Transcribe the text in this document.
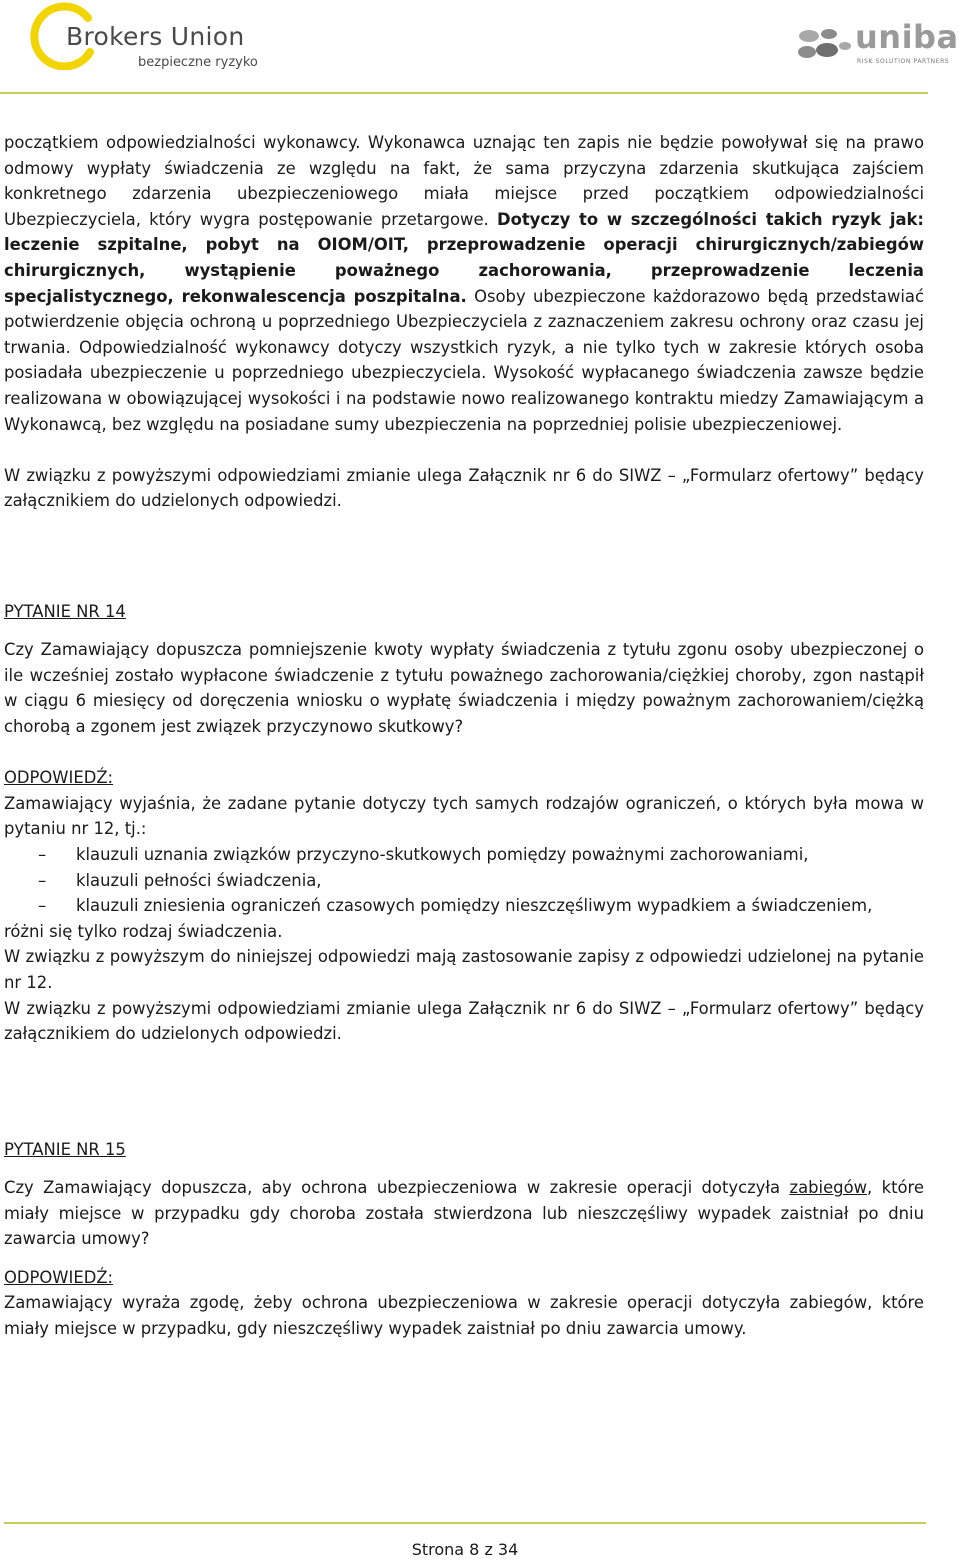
Brokers Union
bezpieczne ryzyko
uniba
RISK SOLUTION PARTNERS

początkiem odpowiedzialności wykonawcy. Wykonawca uznając ten zapis nie będzie powoływał się na prawo odmowy wypłaty świadczenia ze względu na fakt, że sama przyczyna zdarzenia skutkująca zajściem konkretnego zdarzenia ubezpieczeniowego miała miejsce przed początkiem odpowiedzialności Ubezpieczyciela, który wygra postępowanie przetargowe. Dotyczy to w szczególności takich ryzyk jak: leczenie szpitalne, pobyt na OIOM/OIT, przeprowadzenie operacji chirurgicznych/zabiegów chirurgicznych, wystąpienie poważnego zachorowania, przeprowadzenie leczenia specjalistycznego, rekonwalescencja poszpitalna. Osoby ubezpieczone każdorazowo będą przedstawiać potwierdzenie objęcia ochroną u poprzedniego Ubezpieczyciela z zaznaczeniem zakresu ochrony oraz czasu jej trwania. Odpowiedzialność wykonawcy dotyczy wszystkich ryzyk, a nie tylko tych w zakresie których osoba posiadała ubezpieczenie u poprzedniego ubezpieczyciela. Wysokość wypłacanego świadczenia zawsze będzie realizowana w obowiązującej wysokości i na podstawie nowo realizowanego kontraktu miedzy Zamawiającym a Wykonawcą, bez względu na posiadane sumy ubezpieczenia na poprzedniej polisie ubezpieczeniowej.

W związku z powyższymi odpowiedziami zmianie ulega Załącznik nr 6 do SIWZ – „Formularz ofertowy” będący załącznikiem do udzielonych odpowiedzi.

PYTANIE NR 14

Czy Zamawiający dopuszcza pomniejszenie kwoty wypłaty świadczenia z tytułu zgonu osoby ubezpieczonej o ile wcześniej zostało wypłacone świadczenie z tytułu poważnego zachorowania/ciężkiej choroby, zgon nastąpił w ciągu 6 miesięcy od doręczenia wniosku o wypłatę świadczenia i między poważnym zachorowaniem/ciężką chorobą a zgonem jest związek przyczynowo skutkowy?

ODPOWIEDŹ:

Zamawiający wyjaśnia, że zadane pytanie dotyczy tych samych rodzajów ograniczeń, o których była mowa w pytaniu nr 12, tj.:

– klauzuli uznania związków przyczyno-skutkowych pomiędzy poważnymi zachorowaniami,
– klauzuli pełności świadczenia,
– klauzuli zniesienia ograniczeń czasowych pomiędzy nieszczęśliwym wypadkiem a świadczeniem,

różni się tylko rodzaj świadczenia.

W związku z powyższym do niniejszej odpowiedzi mają zastosowanie zapisy z odpowiedzi udzielonej na pytanie nr 12.

W związku z powyższymi odpowiedziami zmianie ulega Załącznik nr 6 do SIWZ – „Formularz ofertowy” będący załącznikiem do udzielonych odpowiedzi.

PYTANIE NR 15

Czy Zamawiający dopuszcza, aby ochrona ubezpieczeniowa w zakresie operacji dotyczyła zabiegów, które miały miejsce w przypadku gdy choroba została stwierdzona lub nieszczęśliwy wypadek zaistniał po dniu zawarcia umowy?

ODPOWIEDŹ:

Zamawiający wyraża zgodę, żeby ochrona ubezpieczeniowa w zakresie operacji dotyczyła zabiegów, które miały miejsce w przypadku, gdy nieszczęśliwy wypadek zaistniał po dniu zawarcia umowy.

Strona 8 z 34
